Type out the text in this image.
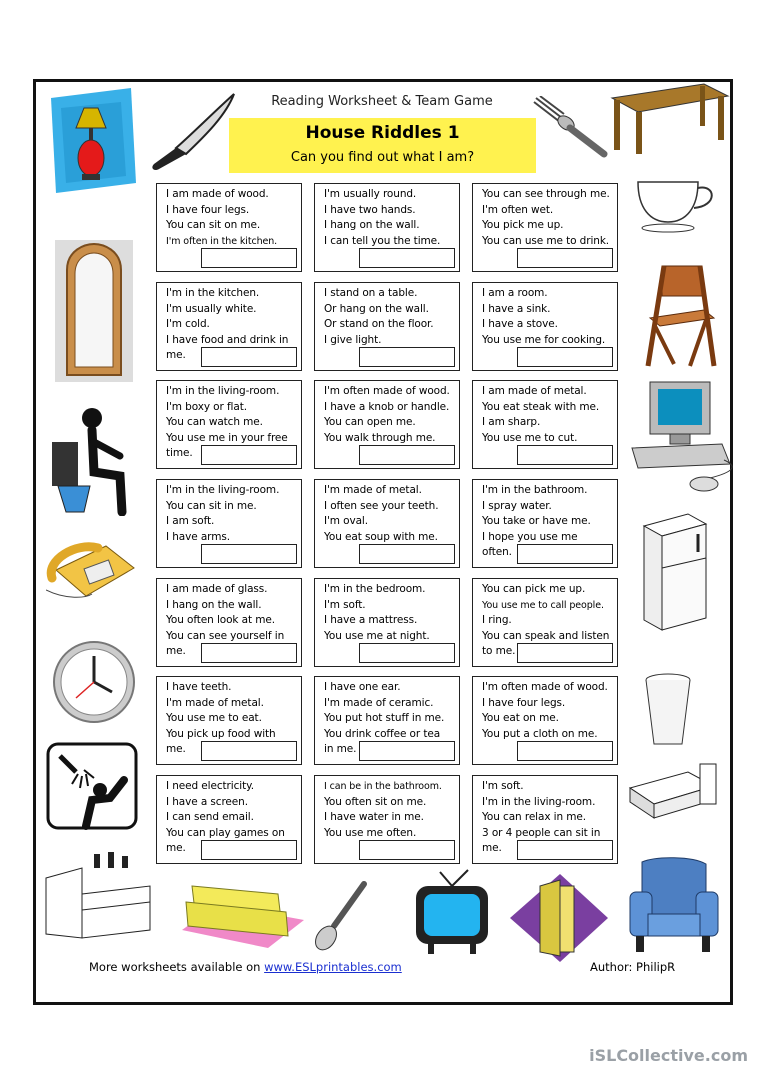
Reading Worksheet & Team Game
House Riddles 1
Can you find out what I am?
I am made of wood.
I have four legs.
You can sit on me.
I'm often in the kitchen.
I'm usually round.
I have two hands.
I hang on the wall.
I can tell you the time.
You can see through me.
I'm often wet.
You pick me up.
You can use me to drink.
I'm in the kitchen.
I'm usually white.
I'm cold.
I have food and drink in
me.
I stand on a table.
Or hang on the wall.
Or stand on the floor.
I give light.
I am a room.
I have a sink.
I have a stove.
You use me for cooking.
I'm in the living-room.
I'm boxy or flat.
You can watch me.
You use me in your free
time.
I'm often made of wood.
I have a knob or handle.
You can open me.
You walk through me.
I am made of metal.
You eat steak with me.
I am sharp.
You use me to cut.
I'm in the living-room.
You can sit in me.
I am soft.
I have arms.
I'm made of metal.
I often see your teeth.
I'm oval.
You eat soup with me.
I'm in the bathroom.
I spray water.
You take or have me.
I hope you use me
often.
I am made of glass.
I hang on the wall.
You often look at me.
You can see yourself in
me.
I'm in the bedroom.
I'm soft.
I have a mattress.
You use me at night.
You can pick me up.
You use me to call people.
I ring.
You can speak and listen
to me.
I have teeth.
I'm made of metal.
You use me to eat.
You pick up food with
me.
I have one ear.
I'm made of ceramic.
You put hot stuff in me.
You drink coffee or tea
in me.
I'm often made of wood.
I have four legs.
You eat on me.
You put a cloth on me.
I need electricity.
I have a screen.
I can send email.
You can play games on
me.
I can be in the bathroom.
You often sit on me.
I have water in me.
You use me often.
I'm soft.
I'm in the living-room.
You can relax in me.
3 or 4 people can sit in
me.
More worksheets available on www.ESLprintables.com	Author: PhilipR
iSLCollective.com
